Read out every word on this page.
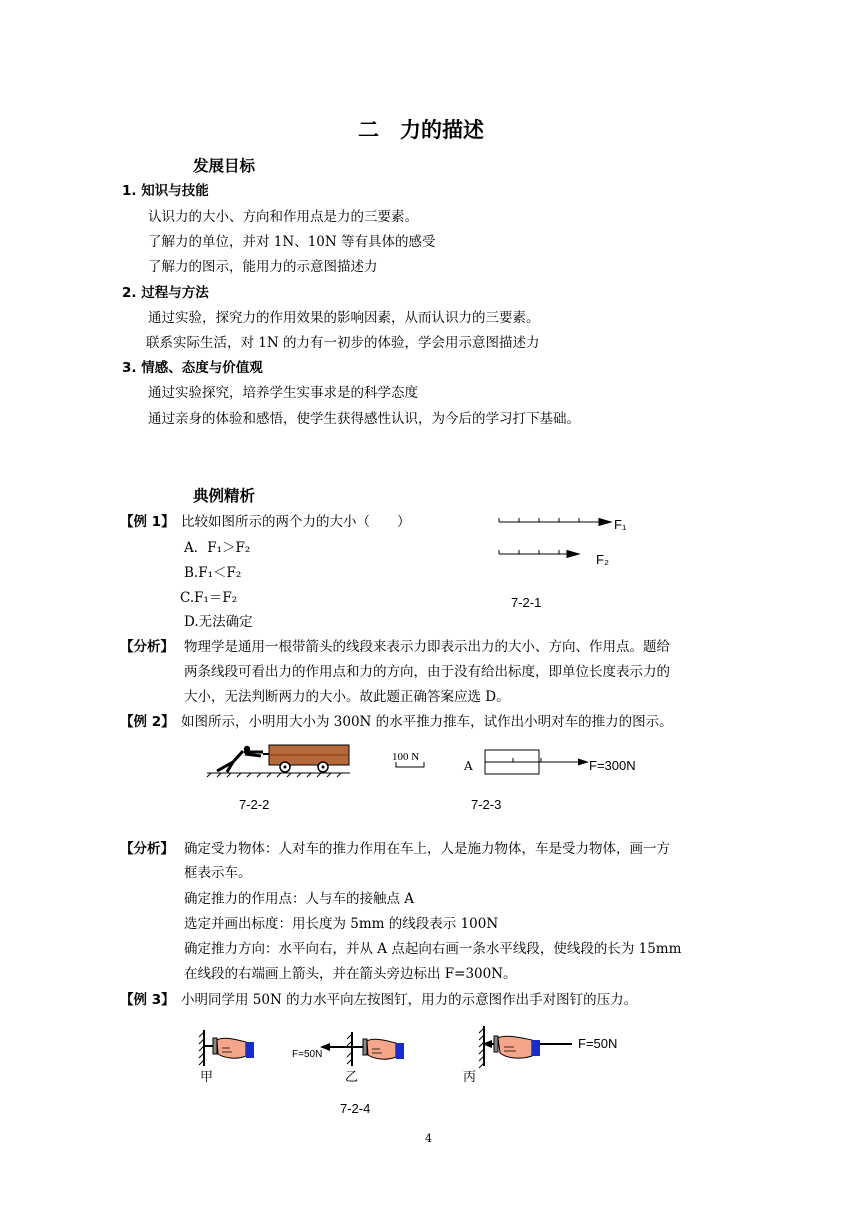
二　力的描述
发展目标
1. 知识与技能
认识力的大小、方向和作用点是力的三要素。
了解力的单位，并对 1N、10N 等有具体的感受
了解力的图示，能用力的示意图描述力
2. 过程与方法
通过实验，探究力的作用效果的影响因素，从而认识力的三要素。
联系实际生活，对 1N 的力有一初步的体验，学会用示意图描述力
3. 情感、态度与价值观
通过实验探究，培养学生实事求是的科学态度
通过亲身的体验和感悟，使学生获得感性认识，为今后的学习打下基础。
典例精析
【例 1】 比较如图所示的两个力的大小（　　）
A．F₁＞F₂
B.F₁＜F₂
C.F₁＝F₂
D.无法确定
F₁
F₂
7-2-1
【分析】 物理学是通用一根带箭头的线段来表示力即表示出力的大小、方向、作用点。题给
两条线段可看出力的作用点和力的方向，由于没有给出标度，即单位长度表示力的
大小，无法判断两力的大小。故此题正确答案应选 D。
【例 2】 如图所示，小明用大小为 300N 的水平推力推车，试作出小明对车的推力的图示。
100 N
A	F=300N
7-2-2	7-2-3
【分析】 确定受力物体：人对车的推力作用在车上，人是施力物体，车是受力物体，画一方
框表示车。
确定推力的作用点：人与车的接触点 A
选定并画出标度：用长度为 5mm 的线段表示 100N
确定推力方向：水平向右，并从 A 点起向右画一条水平线段，使线段的长为 15mm
在线段的右端画上箭头，并在箭头旁边标出 F=300N。
【例 3】 小明同学用 50N 的力水平向左按图钉，用力的示意图作出手对图钉的压力。
甲
F=50N
乙
F=50N
丙
7-2-4
4
